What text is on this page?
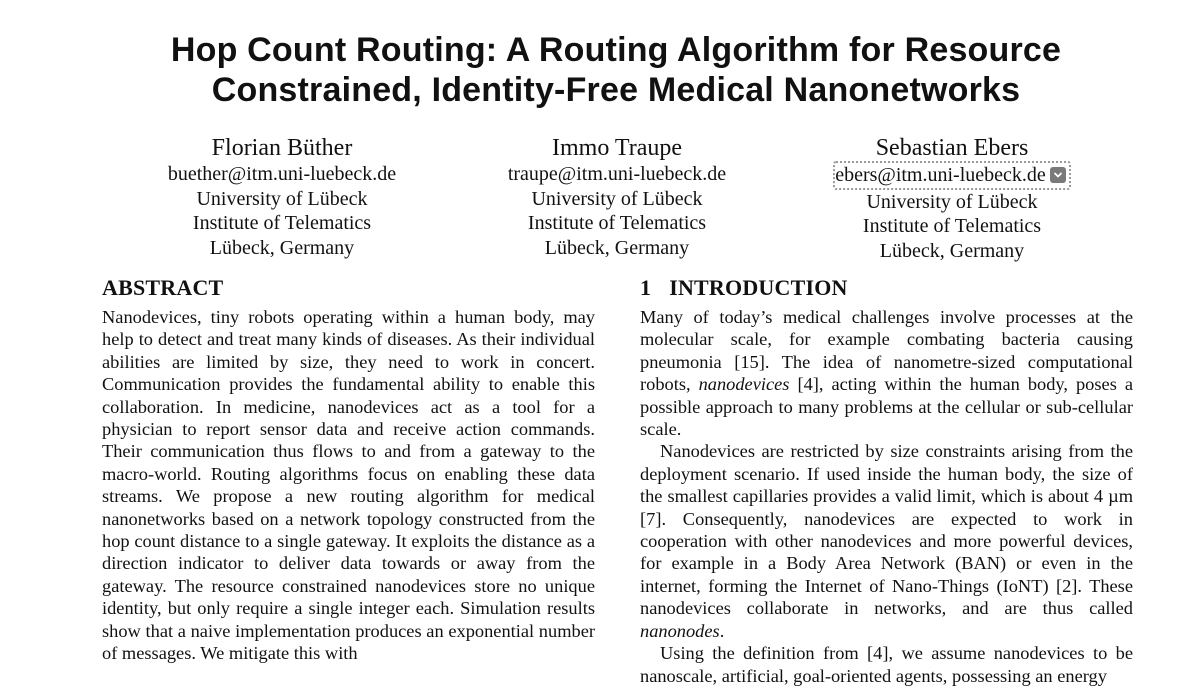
Hop Count Routing: A Routing Algorithm for Resource
Constrained, Identity-Free Medical Nanonetworks
Florian Büther
buether@itm.uni-luebeck.de
University of Lübeck
Institute of Telematics
Lübeck, Germany
Immo Traupe
traupe@itm.uni-luebeck.de
University of Lübeck
Institute of Telematics
Lübeck, Germany
Sebastian Ebers
ebers@itm.uni-luebeck.de
University of Lübeck
Institute of Telematics
Lübeck, Germany
ABSTRACT

Nanodevices, tiny robots operating within a human body, may help to detect and treat many kinds of diseases. As their individual abilities are limited by size, they need to work in concert. Communication provides the fundamental ability to enable this collaboration. In medicine, nanodevices act as a tool for a physician to report sensor data and receive action commands. Their communication thus flows to and from a gateway to the macro-world. Routing algorithms focus on enabling these data streams. We propose a new routing algorithm for medical nanonetworks based on a network topology constructed from the hop count distance to a single gateway. It exploits the distance as a direction indicator to deliver data towards or away from the gateway. The resource constrained nanodevices store no unique identity, but only require a single integer each. Simulation results show that a naive implementation produces an exponential number of messages. We mitigate this with

1 INTRODUCTION

Many of today’s medical challenges involve processes at the molecular scale, for example combating bacteria causing pneumonia [15]. The idea of nanometre-sized computational robots, nanodevices [4], acting within the human body, poses a possible approach to many problems at the cellular or sub-cellular scale.

Nanodevices are restricted by size constraints arising from the deployment scenario. If used inside the human body, the size of the smallest capillaries provides a valid limit, which is about 4 µm [7]. Consequently, nanodevices are expected to work in cooperation with other nanodevices and more powerful devices, for example in a Body Area Network (BAN) or even in the internet, forming the Internet of Nano-Things (IoNT) [2]. These nanodevices collaborate in networks, and are thus called nanonodes.

Using the definition from [4], we assume nanodevices to be nanoscale, artificial, goal-oriented agents, possessing an energy
